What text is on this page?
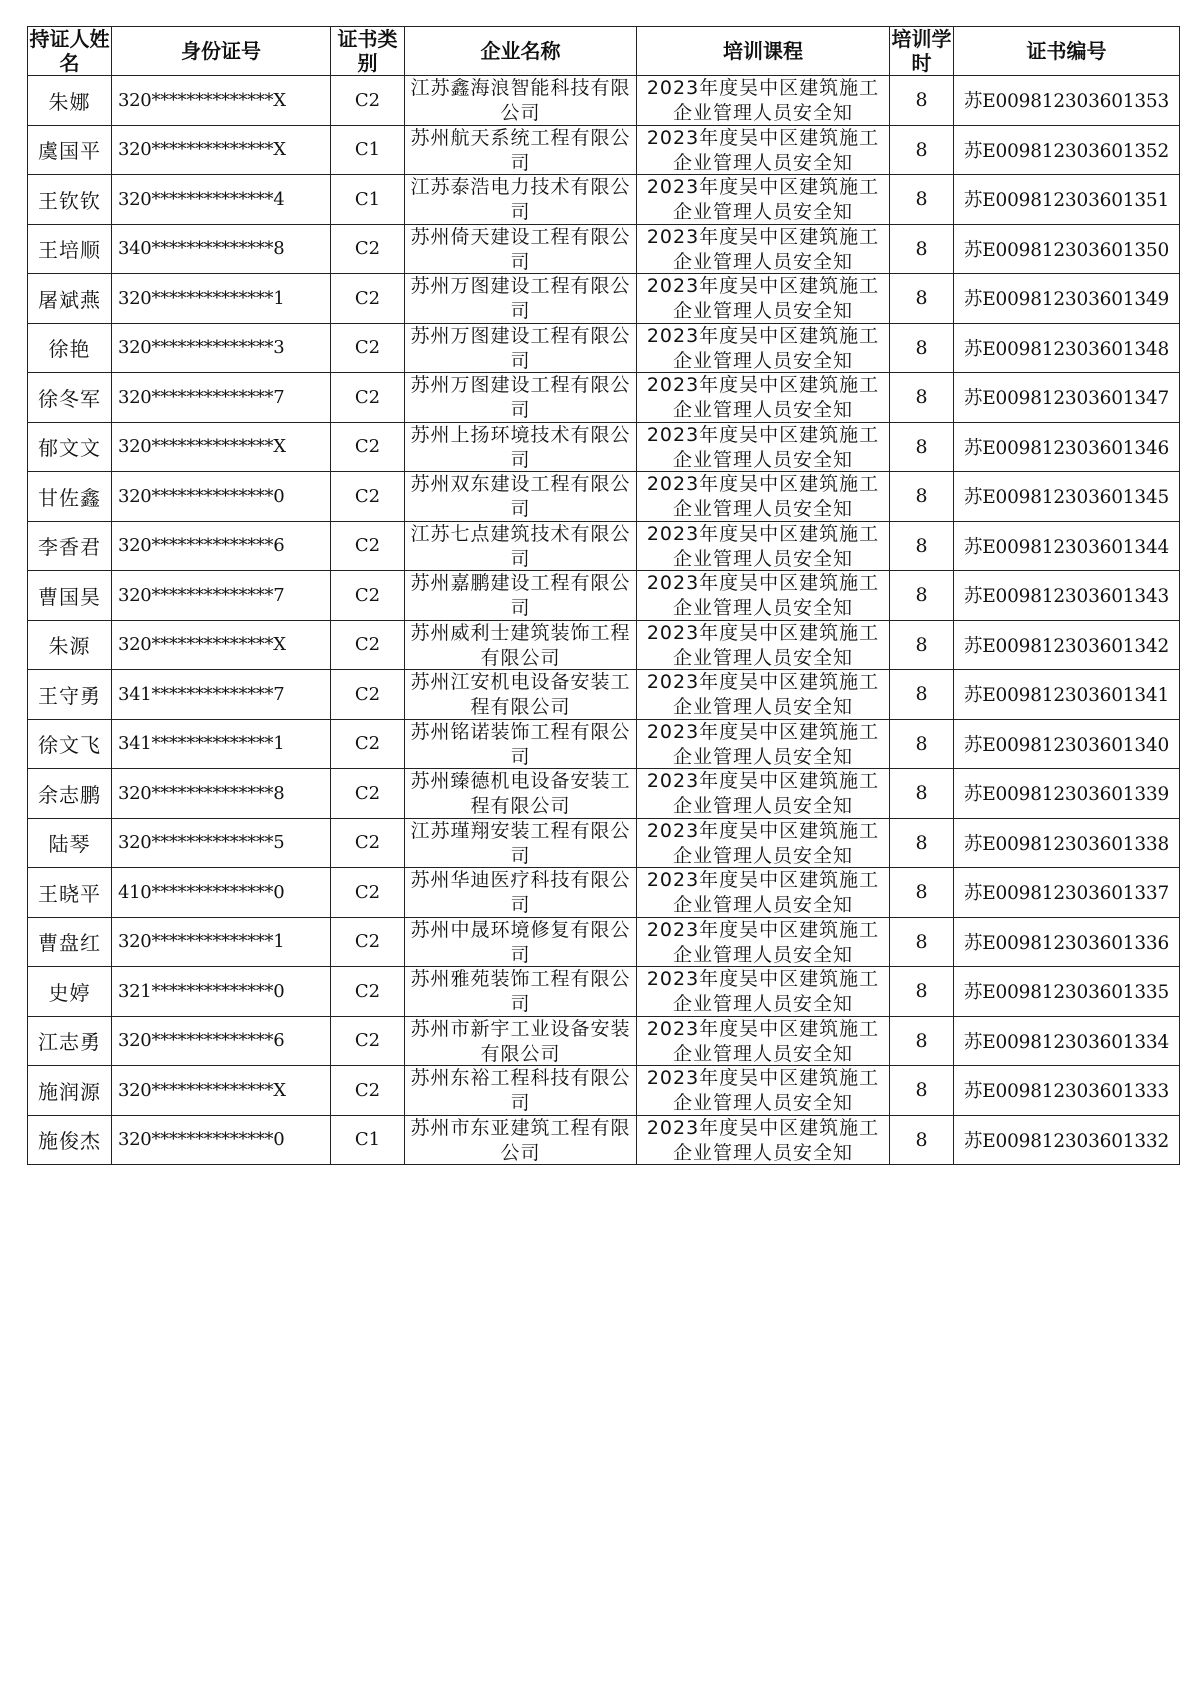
持证人姓名	身份证号	证书类别	企业名称	培训课程	培训学时	证书编号
朱娜	320**************X	C2	江苏鑫海浪智能科技有限公司	2023年度吴中区建筑施工企业管理人员安全知	8	苏E009812303601353
虞国平	320**************X	C1	苏州航天系统工程有限公司	2023年度吴中区建筑施工企业管理人员安全知	8	苏E009812303601352
王钦钦	320**************4	C1	江苏泰浩电力技术有限公司	2023年度吴中区建筑施工企业管理人员安全知	8	苏E009812303601351
王培顺	340**************8	C2	苏州倚天建设工程有限公司	2023年度吴中区建筑施工企业管理人员安全知	8	苏E009812303601350
屠斌燕	320**************1	C2	苏州万图建设工程有限公司	2023年度吴中区建筑施工企业管理人员安全知	8	苏E009812303601349
徐艳	320**************3	C2	苏州万图建设工程有限公司	2023年度吴中区建筑施工企业管理人员安全知	8	苏E009812303601348
徐冬军	320**************7	C2	苏州万图建设工程有限公司	2023年度吴中区建筑施工企业管理人员安全知	8	苏E009812303601347
郁文文	320**************X	C2	苏州上扬环境技术有限公司	2023年度吴中区建筑施工企业管理人员安全知	8	苏E009812303601346
甘佐鑫	320**************0	C2	苏州双东建设工程有限公司	2023年度吴中区建筑施工企业管理人员安全知	8	苏E009812303601345
李香君	320**************6	C2	江苏七点建筑技术有限公司	2023年度吴中区建筑施工企业管理人员安全知	8	苏E009812303601344
曹国昊	320**************7	C2	苏州嘉鹏建设工程有限公司	2023年度吴中区建筑施工企业管理人员安全知	8	苏E009812303601343
朱源	320**************X	C2	苏州威利士建筑装饰工程有限公司	2023年度吴中区建筑施工企业管理人员安全知	8	苏E009812303601342
王守勇	341**************7	C2	苏州江安机电设备安装工程有限公司	2023年度吴中区建筑施工企业管理人员安全知	8	苏E009812303601341
徐文飞	341**************1	C2	苏州铭诺装饰工程有限公司	2023年度吴中区建筑施工企业管理人员安全知	8	苏E009812303601340
余志鹏	320**************8	C2	苏州臻德机电设备安装工程有限公司	2023年度吴中区建筑施工企业管理人员安全知	8	苏E009812303601339
陆琴	320**************5	C2	江苏瑾翔安装工程有限公司	2023年度吴中区建筑施工企业管理人员安全知	8	苏E009812303601338
王晓平	410**************0	C2	苏州华迪医疗科技有限公司	2023年度吴中区建筑施工企业管理人员安全知	8	苏E009812303601337
曹盘红	320**************1	C2	苏州中晟环境修复有限公司	2023年度吴中区建筑施工企业管理人员安全知	8	苏E009812303601336
史婷	321**************0	C2	苏州雅苑装饰工程有限公司	2023年度吴中区建筑施工企业管理人员安全知	8	苏E009812303601335
江志勇	320**************6	C2	苏州市新宇工业设备安装有限公司	2023年度吴中区建筑施工企业管理人员安全知	8	苏E009812303601334
施润源	320**************X	C2	苏州东裕工程科技有限公司	2023年度吴中区建筑施工企业管理人员安全知	8	苏E009812303601333
施俊杰	320**************0	C1	苏州市东亚建筑工程有限公司	2023年度吴中区建筑施工企业管理人员安全知	8	苏E009812303601332
